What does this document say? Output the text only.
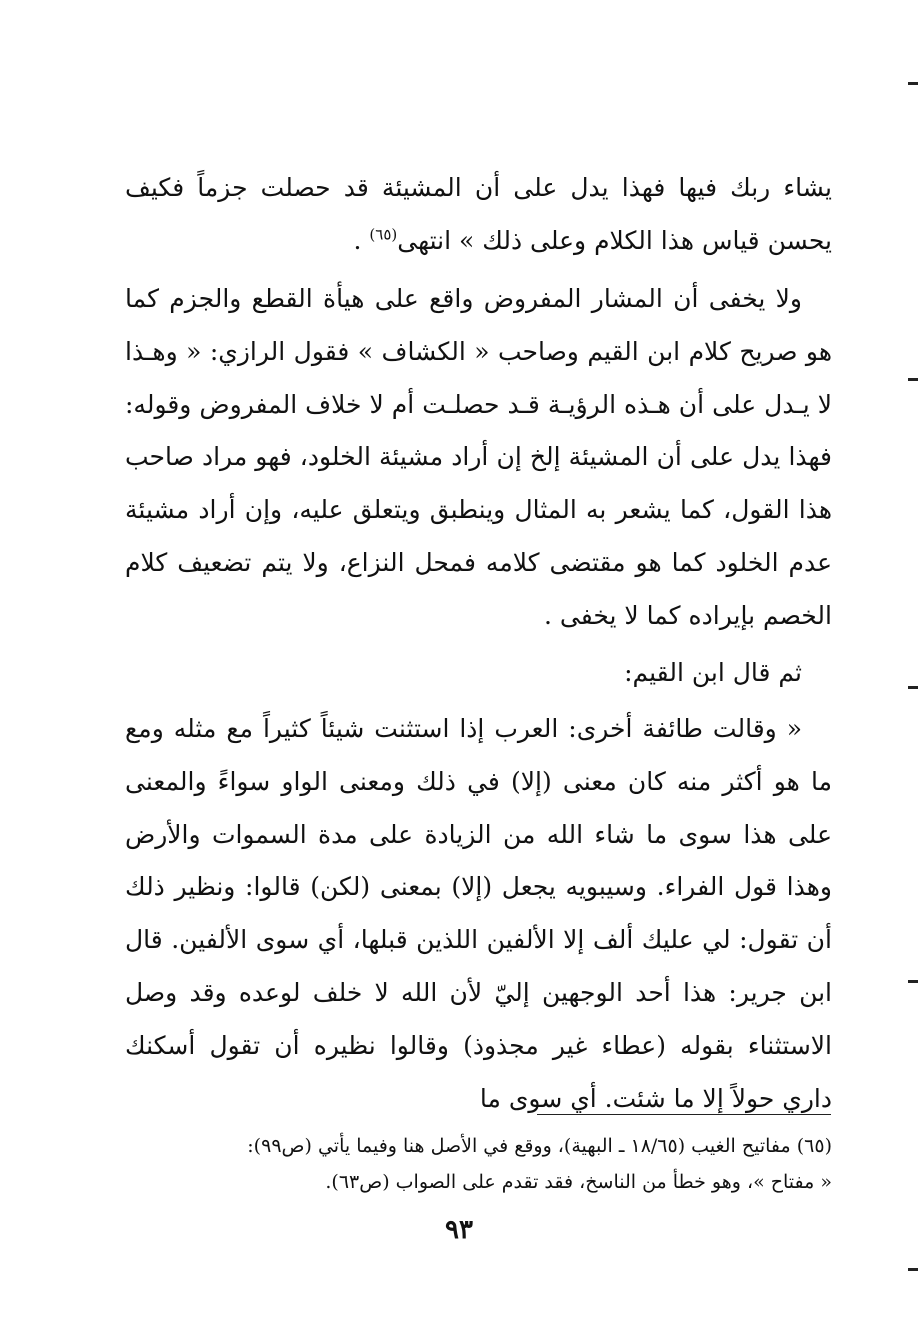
يشاء ربك فيها فهذا يدل على أن المشيئة قد حصلت جزماً فكيف يحسن قياس هذا الكلام وعلى ذلك » انتهى$^{(٦٥)}$ .

ولا يخفى أن المشار المفروض واقع على هيأة القطع والجزم كما هو صريح كلام ابن القيم وصاحب « الكشاف » فقول الرازي: « وهـذا لا يـدل على أن هـذه الرؤيـة قـد حصلـت أم لا خلاف المفروض وقوله: فهذا يدل على أن المشيئة إلخ إن أراد مشيئة الخلود، فهو مراد صاحب هذا القول، كما يشعر به المثال وينطبق ويتعلق عليه، وإن أراد مشيئة عدم الخلود كما هو مقتضى كلامه فمحل النزاع، ولا يتم تضعيف كلام الخصم بإيراده كما لا يخفى .

ثم قال ابن القيم:

« وقالت طائفة أخرى: العرب إذا استثنت شيئاً كثيراً مع مثله ومع ما هو أكثر منه كان معنى (إلا) في ذلك ومعنى الواو سواءً والمعنى على هذا سوى ما شاء الله من الزيادة على مدة السموات والأرض وهذا قول الفراء. وسيبويه يجعل (إلا) بمعنى (لكن) قالوا: ونظير ذلك أن تقول: لي عليك ألف إلا الألفين اللذين قبلها، أي سوى الألفين. قال ابن جرير: هذا أحد الوجهين إليّ لأن الله لا خلف لوعده وقد وصل الاستثناء بقوله (عطاء غير مجذوذ) وقالوا نظيره أن تقول أسكنك داري حولاً إلا ما شئت. أي سوى ما

(٦٥) مفاتيح الغيب (١٨/٦٥ ـ البهية)، ووقع في الأصل هنا وفيما يأتي (ص٩٩):
« مفتاح »، وهو خطأ من الناسخ، فقد تقدم على الصواب (ص٦٣).
٩٣
